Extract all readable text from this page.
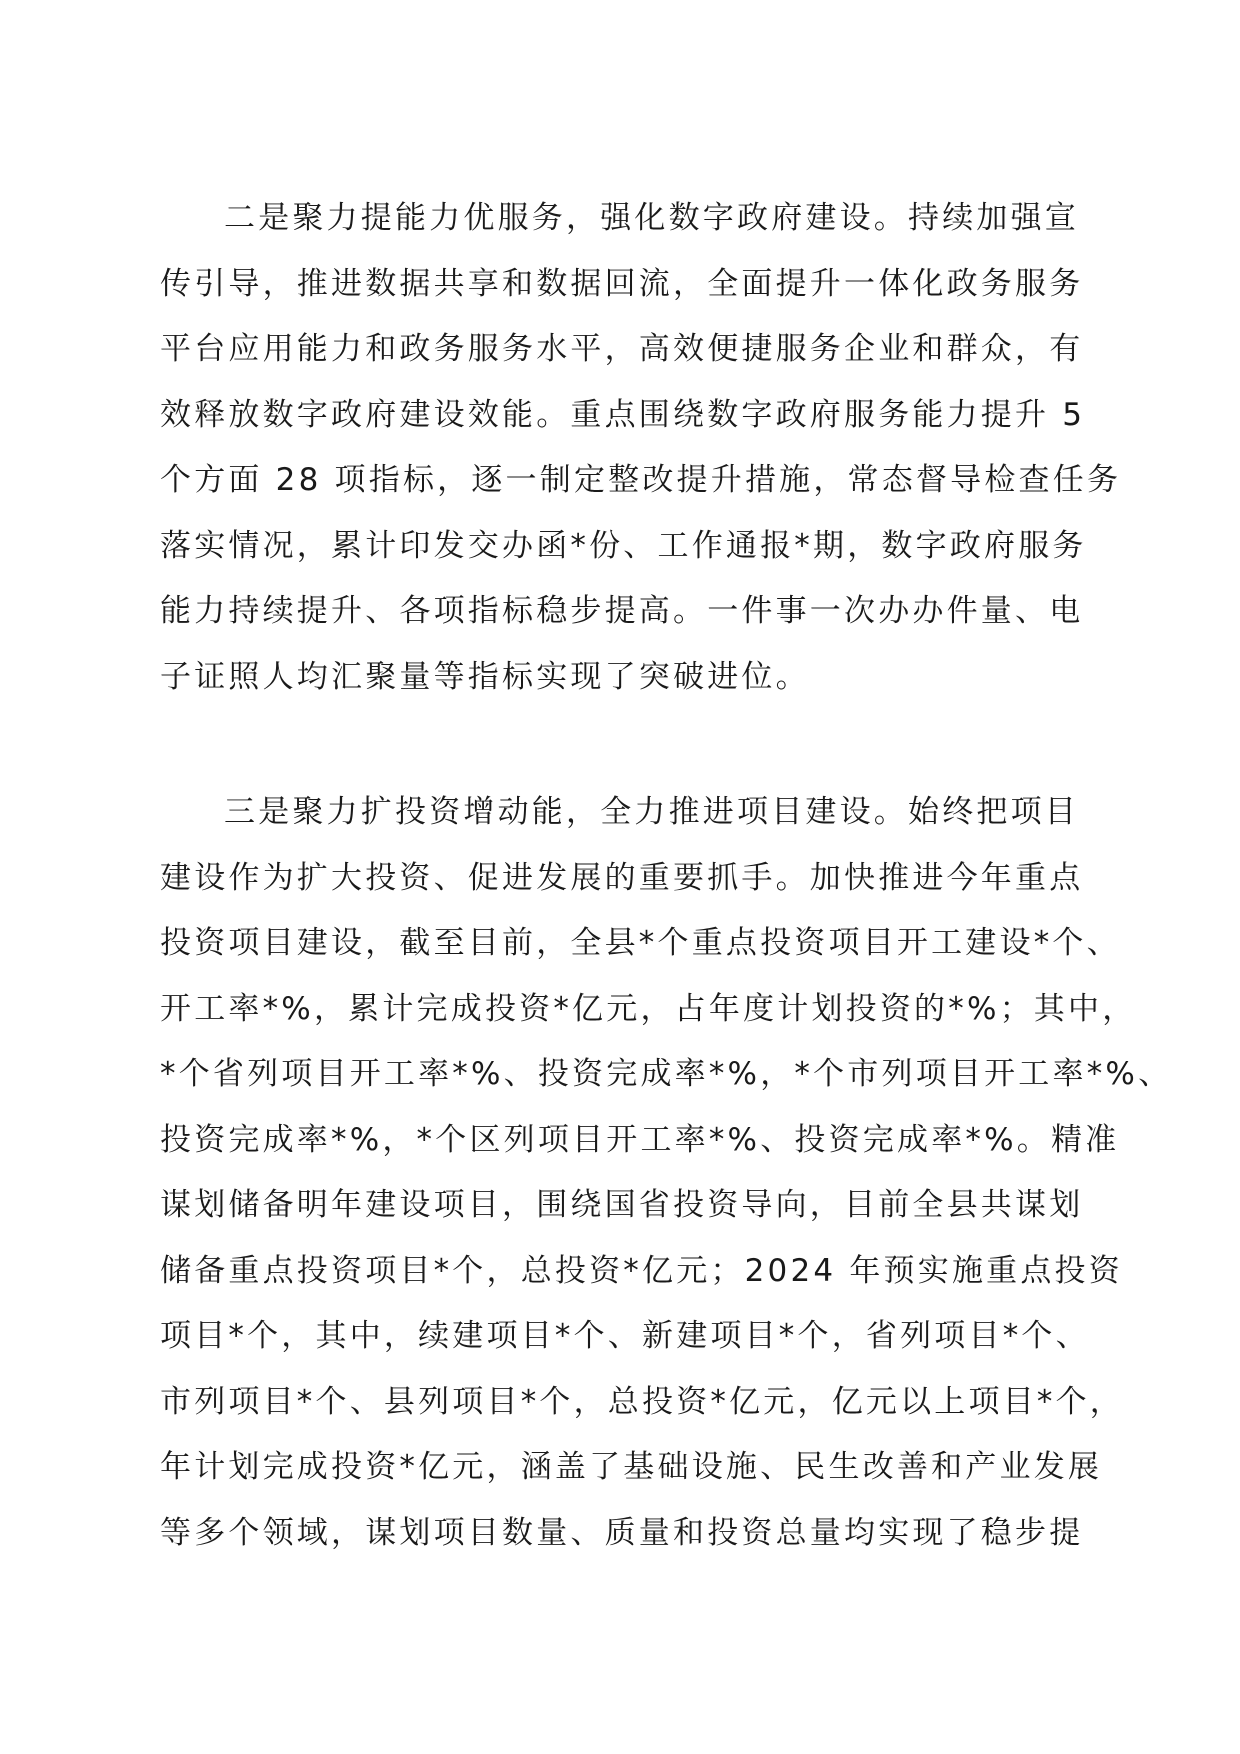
二是聚力提能力优服务，强化数字政府建设。持续加强宣
传引导，推进数据共享和数据回流，全面提升一体化政务服务
平台应用能力和政务服务水平，高效便捷服务企业和群众，有
效释放数字政府建设效能。重点围绕数字政府服务能力提升 5
个方面 28 项指标，逐一制定整改提升措施，常态督导检查任务
落实情况，累计印发交办函*份、工作通报*期，数字政府服务
能力持续提升、各项指标稳步提高。一件事一次办办件量、电
子证照人均汇聚量等指标实现了突破进位。

三是聚力扩投资增动能，全力推进项目建设。始终把项目
建设作为扩大投资、促进发展的重要抓手。加快推进今年重点
投资项目建设，截至目前，全县*个重点投资项目开工建设*个、
开工率*%，累计完成投资*亿元，占年度计划投资的*%；其中，
*个省列项目开工率*%、投资完成率*%，*个市列项目开工率*%、
投资完成率*%，*个区列项目开工率*%、投资完成率*%。精准
谋划储备明年建设项目，围绕国省投资导向，目前全县共谋划
储备重点投资项目*个，总投资*亿元；2024 年预实施重点投资
项目*个，其中，续建项目*个、新建项目*个，省列项目*个、
市列项目*个、县列项目*个，总投资*亿元，亿元以上项目*个，
年计划完成投资*亿元，涵盖了基础设施、民生改善和产业发展
等多个领域，谋划项目数量、质量和投资总量均实现了稳步提
